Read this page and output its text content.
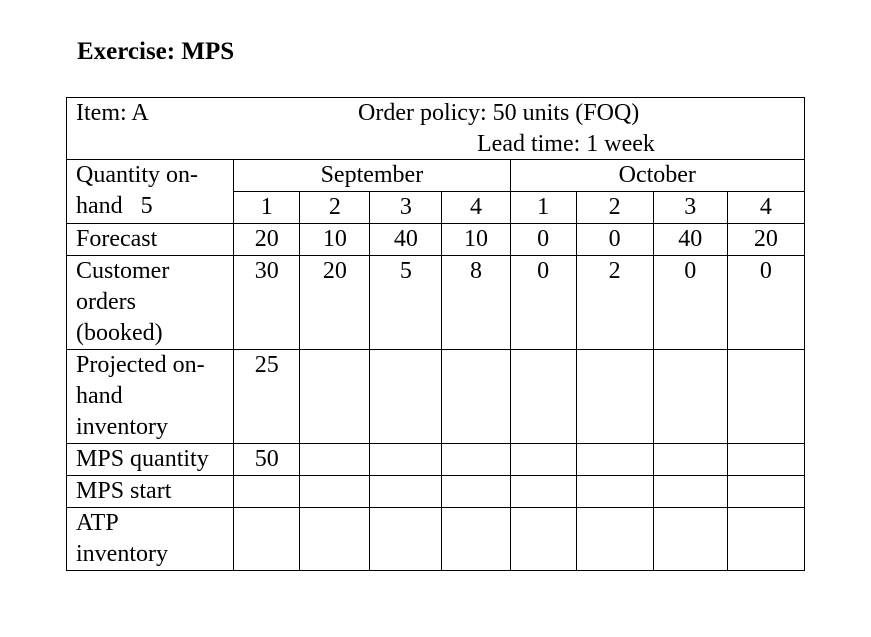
Exercise: MPS
Item: A Order policy: 50 units (FOQ)
Lead time: 1 week								

Quantity on-
hand 5	September				October			
	1	2	3	4	1	2	3	4
Forecast	20	10	40	10	0	0	40	20

Customer
orders
(booked)	30	20	5	8	0	2	0	0

Projected on-
hand
inventory	25							
MPS quantity	50							
MPS start								

ATP
inventory								
